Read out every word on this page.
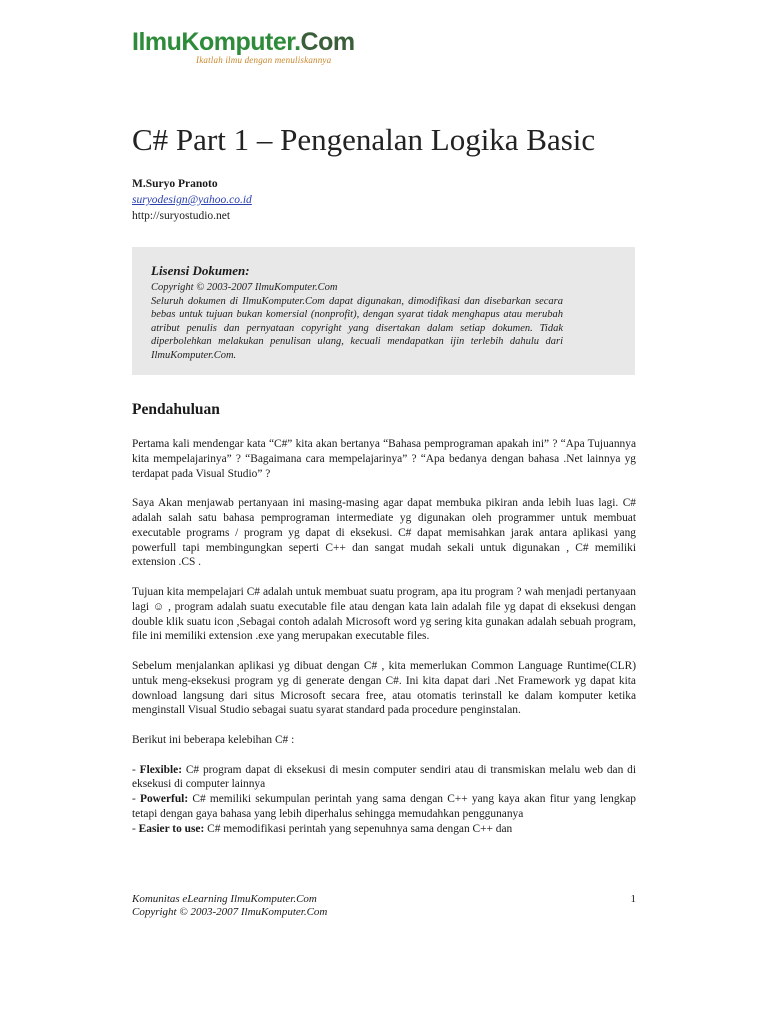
IlmuKomputer.Com
Ikatlah ilmu dengan menuliskannya
C# Part 1 – Pengenalan Logika Basic
M.Suryo Pranoto
suryodesign@yahoo.co.id
http://suryostudio.net
Lisensi Dokumen:
Copyright © 2003-2007 IlmuKomputer.Com
Seluruh dokumen di IlmuKomputer.Com dapat digunakan, dimodifikasi dan disebarkan secara bebas untuk tujuan bukan komersial (nonprofit), dengan syarat tidak menghapus atau merubah atribut penulis dan pernyataan copyright yang disertakan dalam setiap dokumen. Tidak diperbolehkan melakukan penulisan ulang, kecuali mendapatkan ijin terlebih dahulu dari IlmuKomputer.Com.
Pendahuluan

Pertama kali mendengar kata “C#” kita akan bertanya “Bahasa pemprograman apakah ini” ? “Apa Tujuannya kita mempelajarinya” ? “Bagaimana cara mempelajarinya” ? “Apa bedanya dengan bahasa .Net lainnya yg terdapat pada Visual Studio” ?

Saya Akan menjawab pertanyaan ini masing-masing agar dapat membuka pikiran anda lebih luas lagi. C# adalah salah satu bahasa pemprograman intermediate yg digunakan oleh programmer untuk membuat executable programs / program yg dapat di eksekusi. C# dapat memisahkan jarak antara aplikasi yang powerfull tapi membingungkan seperti C++ dan sangat mudah sekali untuk digunakan , C# memiliki extension .CS .

Tujuan kita mempelajari C# adalah untuk membuat suatu program, apa itu program ? wah menjadi pertanyaan lagi ☺ , program adalah suatu executable file atau dengan kata lain adalah file yg dapat di eksekusi dengan double klik suatu icon ,Sebagai contoh adalah Microsoft word yg sering kita gunakan adalah sebuah program, file ini memiliki extension .exe yang merupakan executable files.

Sebelum menjalankan aplikasi yg dibuat dengan C# , kita memerlukan Common Language Runtime(CLR) untuk meng-eksekusi program yg di generate dengan C#. Ini kita dapat dari .Net Framework yg dapat kita download langsung dari situs Microsoft secara free, atau otomatis terinstall ke dalam komputer ketika menginstall Visual Studio sebagai suatu syarat standard pada procedure penginstalan.

Berikut ini beberapa kelebihan C# :

- Flexible: C# program dapat di eksekusi di mesin computer sendiri atau di transmiskan melalu web dan di eksekusi di computer lainnya

- Powerful: C# memiliki sekumpulan perintah yang sama dengan C++ yang kaya akan fitur yang lengkap tetapi dengan gaya bahasa yang lebih diperhalus sehingga memudahkan penggunanya

- Easier to use: C# memodifikasi perintah yang sepenuhnya sama dengan C++ dan

Komunitas eLearning IlmuKomputer.Com
Copyright © 2003-2007 IlmuKomputer.Com
1
